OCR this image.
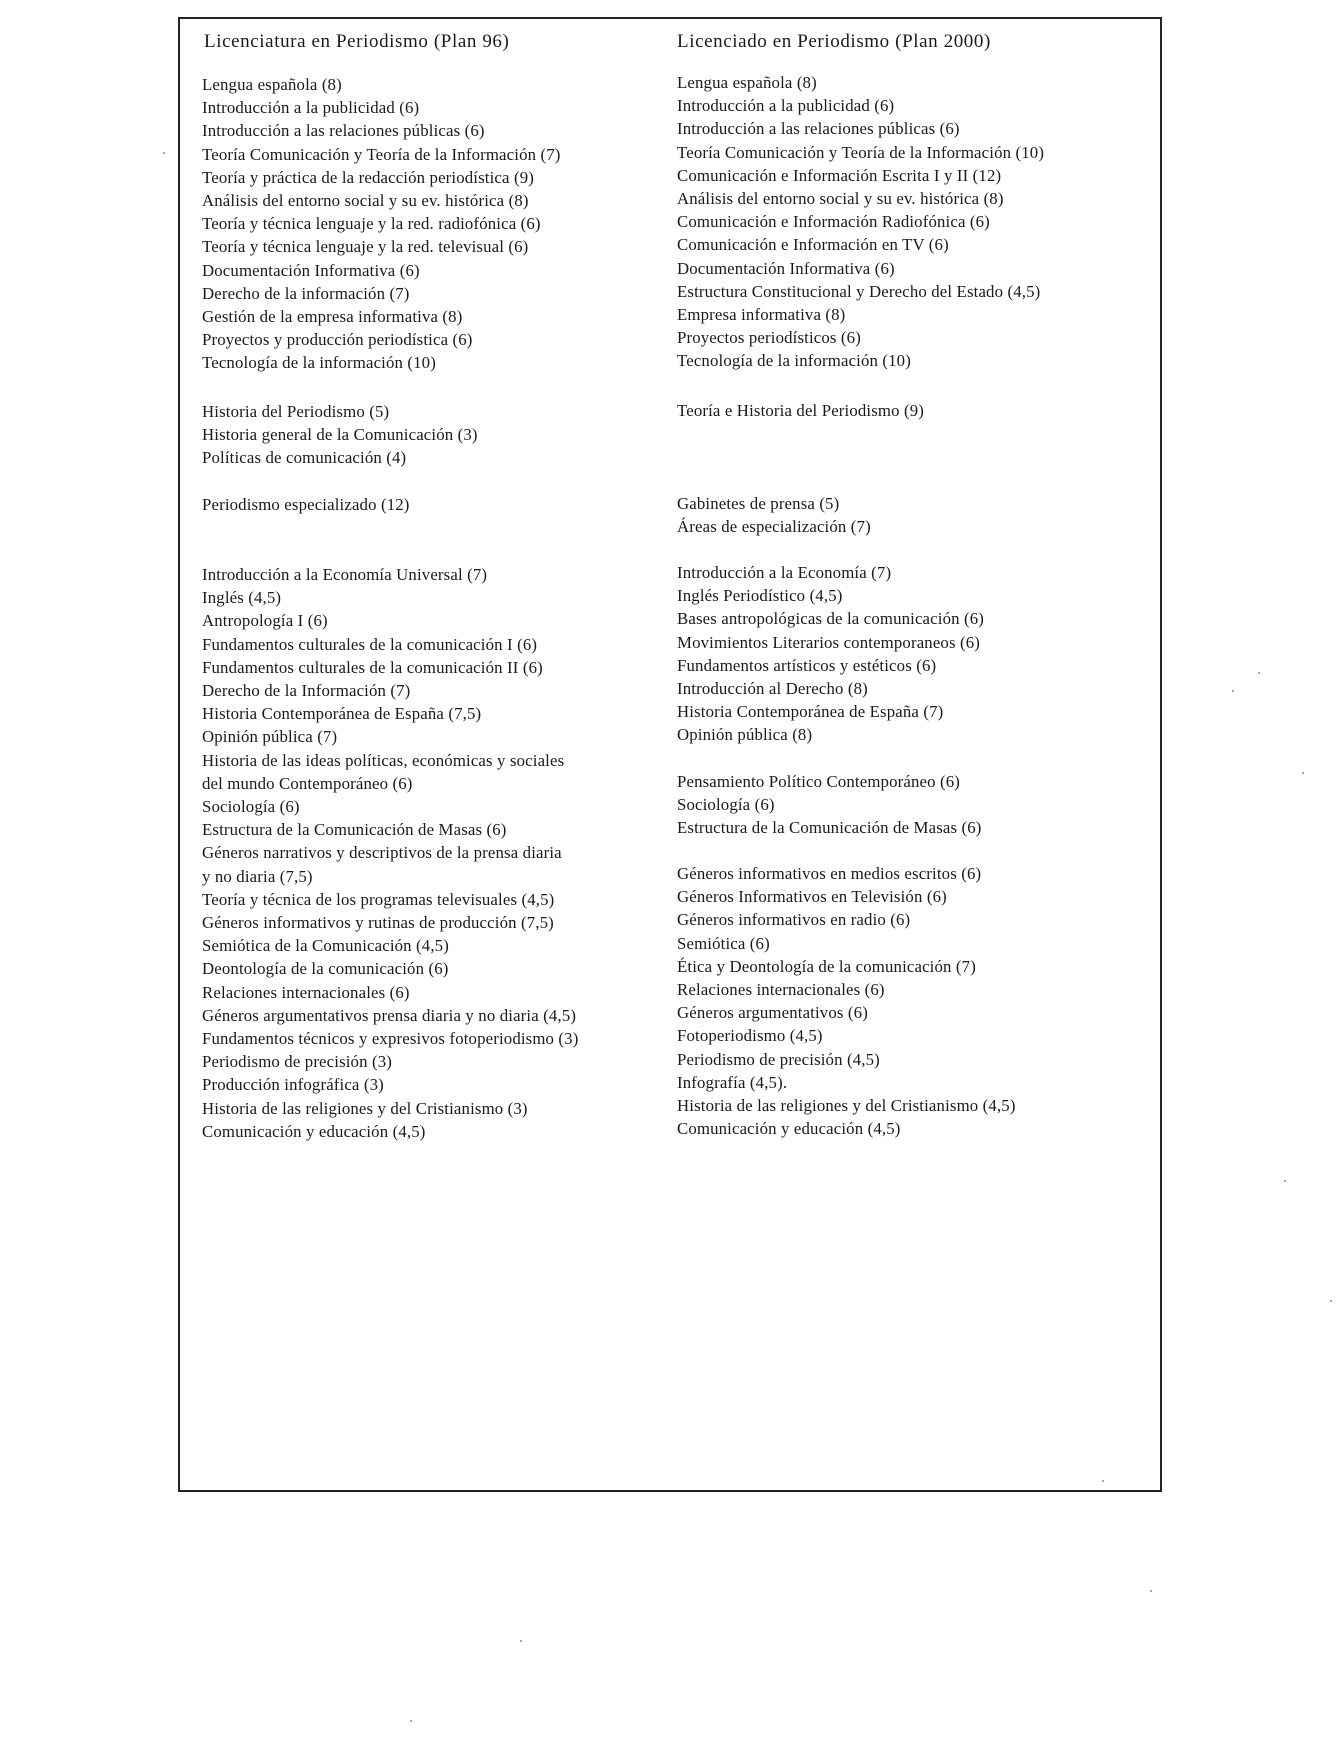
Licenciatura en Periodismo (Plan 96)
Lengua española (8)
Introducción a la publicidad (6)
Introducción a las relaciones públicas (6)
Teoría Comunicación y Teoría de la Información (7)
Teoría y práctica de la redacción periodística (9)
Análisis del entorno social y su ev. histórica (8)
Teoría y técnica lenguaje y la red. radiofónica (6)
Teoría y técnica lenguaje y la red. televisual (6)
Documentación Informativa (6)
Derecho de la información (7)
Gestión de la empresa informativa (8)
Proyectos y producción periodística (6)
Tecnología de la información (10)
Historia del Periodismo (5)
Historia general de la Comunicación (3)
Políticas de comunicación (4)
Periodismo especializado (12)
Introducción a la Economía Universal (7)
Inglés (4,5)
Antropología I (6)
Fundamentos culturales de la comunicación I (6)
Fundamentos culturales de la comunicación II (6)
Derecho de la Información (7)
Historia Contemporánea de España (7,5)
Opinión pública (7)
Historia de las ideas políticas, económicas y sociales
del mundo Contemporáneo (6)
Sociología (6)
Estructura de la Comunicación de Masas (6)
Géneros narrativos y descriptivos de la prensa diaria
y no diaria (7,5)
Teoría y técnica de los programas televisuales (4,5)
Géneros informativos y rutinas de producción (7,5)
Semiótica de la Comunicación (4,5)
Deontología de la comunicación (6)
Relaciones internacionales (6)
Géneros argumentativos prensa diaria y no diaria (4,5)
Fundamentos técnicos y expresivos fotoperiodismo (3)
Periodismo de precisión (3)
Producción infográfica (3)
Historia de las religiones y del Cristianismo (3)
Comunicación y educación (4,5)
Licenciado en Periodismo (Plan 2000)
Lengua española (8)
Introducción a la publicidad (6)
Introducción a las relaciones públicas (6)
Teoría Comunicación y Teoría de la Información (10)
Comunicación e Información Escrita I y II (12)
Análisis del entorno social y su ev. histórica (8)
Comunicación e Información Radiofónica (6)
Comunicación e Información en TV (6)
Documentación Informativa (6)
Estructura Constitucional y Derecho del Estado (4,5)
Empresa informativa (8)
Proyectos periodísticos (6)
Tecnología de la información (10)
Teoría e Historia del Periodismo (9)
Gabinetes de prensa (5)
Áreas de especialización (7)
Introducción a la Economía (7)
Inglés Periodístico (4,5)
Bases antropológicas de la comunicación (6)
Movimientos Literarios contemporaneos (6)
Fundamentos artísticos y estéticos (6)
Introducción al Derecho (8)
Historia Contemporánea de España (7)
Opinión pública (8)
Pensamiento Político Contemporáneo (6)
Sociología (6)
Estructura de la Comunicación de Masas (6)
Géneros informativos en medios escritos (6)
Géneros Informativos en Televisión (6)
Géneros informativos en radio (6)
Semiótica (6)
Ética y Deontología de la comunicación (7)
Relaciones internacionales (6)
Géneros argumentativos (6)
Fotoperiodismo (4,5)
Periodismo de precisión (4,5)
Infografía (4,5).
Historia de las religiones y del Cristianismo (4,5)
Comunicación y educación (4,5)
